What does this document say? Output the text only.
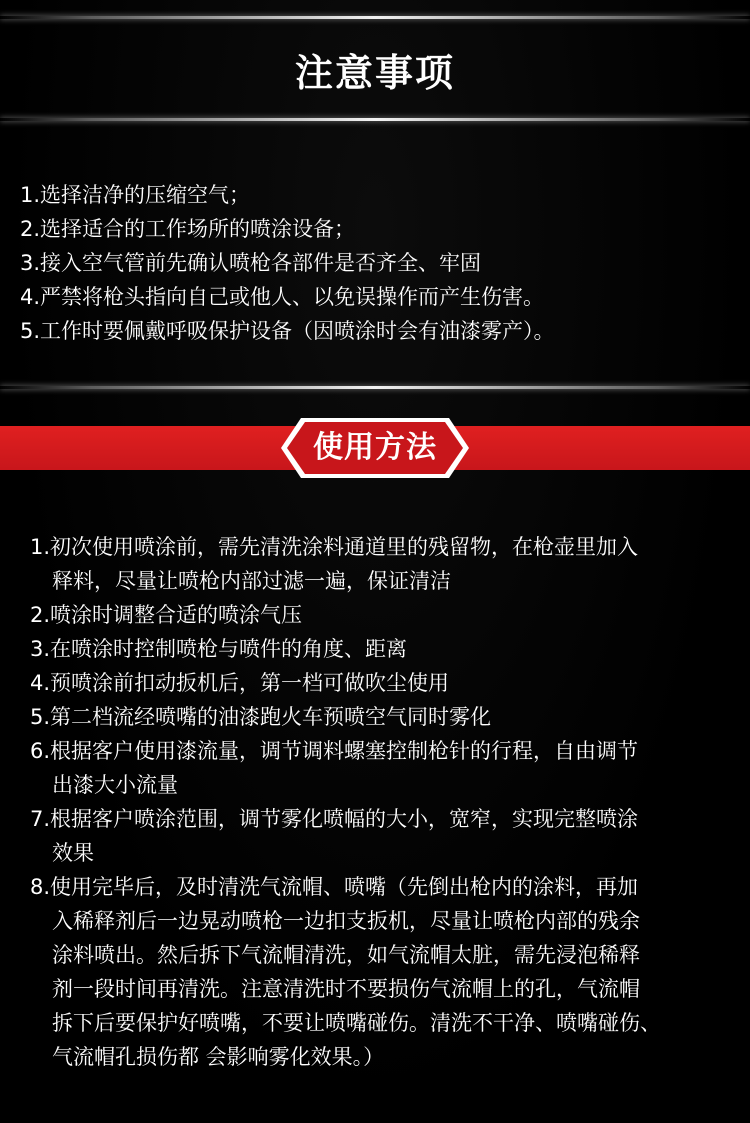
注意事项
1.选择洁净的压缩空气；
2.选择适合的工作场所的喷涂设备；
3.接入空气管前先确认喷枪各部件是否齐全、牢固
4.严禁将枪头指向自己或他人、以免误操作而产生伤害。
5.工作时要佩戴呼吸保护设备（因喷涂时会有油漆雾产）。
使用方法
1.初次使用喷涂前，需先清洗涂料通道里的残留物，在枪壶里加入
释料，尽量让喷枪内部过滤一遍，保证清洁
2.喷涂时调整合适的喷涂气压
3.在喷涂时控制喷枪与喷件的角度、距离
4.预喷涂前扣动扳机后，第一档可做吹尘使用
5.第二档流经喷嘴的油漆跑火车预喷空气同时雾化
6.根据客户使用漆流量，调节调料螺塞控制枪针的行程，自由调节
出漆大小流量
7.根据客户喷涂范围，调节雾化喷幅的大小，宽窄，实现完整喷涂
效果
8.使用完毕后，及时清洗气流帽、喷嘴（先倒出枪内的涂料，再加
入稀释剂后一边晃动喷枪一边扣支扳机，尽量让喷枪内部的残余
涂料喷出。然后拆下气流帽清洗，如气流帽太脏，需先浸泡稀释
剂一段时间再清洗。注意清洗时不要损伤气流帽上的孔，气流帽
拆下后要保护好喷嘴，不要让喷嘴碰伤。清洗不干净、喷嘴碰伤、
气流帽孔损伤都 会影响雾化效果。）
